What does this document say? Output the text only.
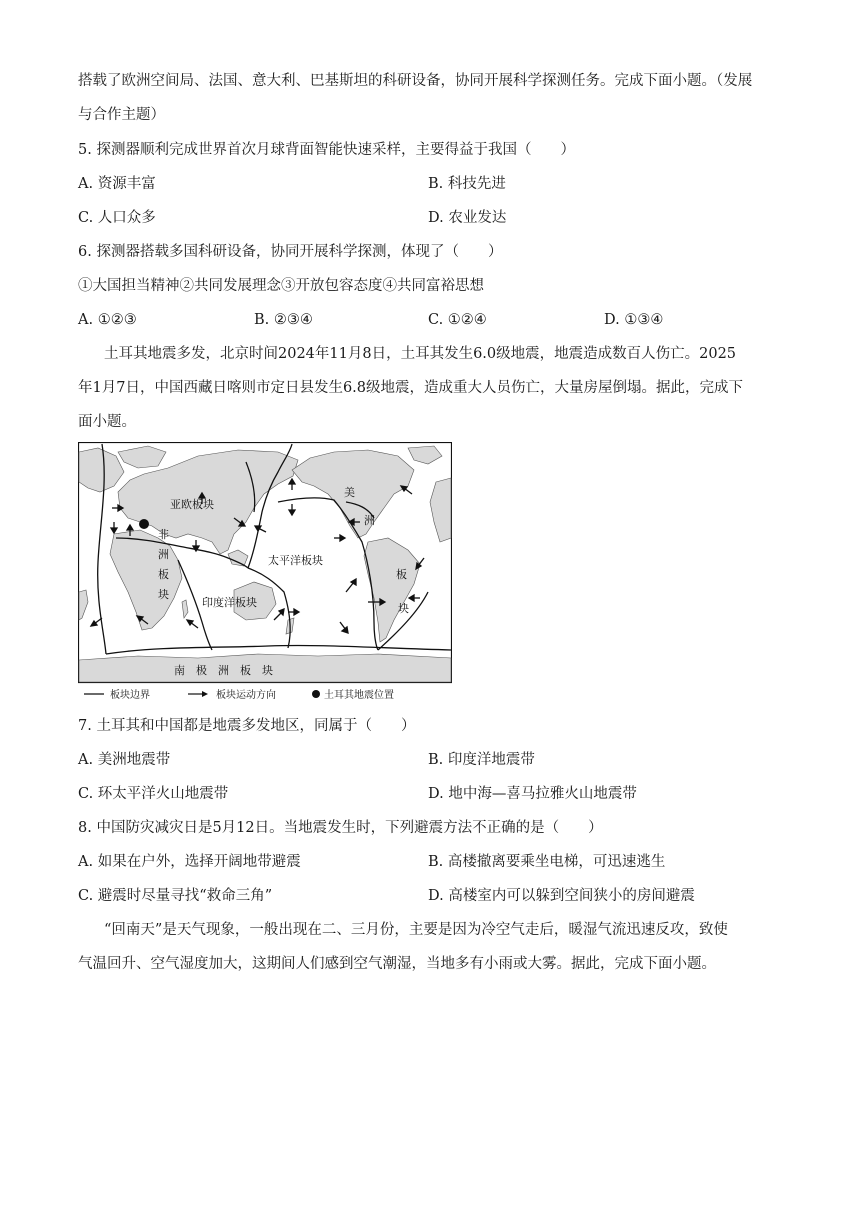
搭载了欧洲空间局、法国、意大利、巴基斯坦的科研设备，协同开展科学探测任务。完成下面小题。（发展
与合作主题）
5. 探测器顺利完成世界首次月球背面智能快速采样，主要得益于我国（　　）
A. 资源丰富	B. 科技先进
C. 人口众多	D. 农业发达
6. 探测器搭载多国科研设备，协同开展科学探测，体现了（　　）
①大国担当精神②共同发展理念③开放包容态度④共同富裕思想
A. ①②③	B. ②③④	C. ①②④	D. ①③④
土耳其地震多发，北京时间2024年11月8日，土耳其发生6.0级地震，地震造成数百人伤亡。2025
年1月7日，中国西藏日喀则市定日县发生6.8级地震，造成重大人员伤亡，大量房屋倒塌。据此，完成下
面小题。
亚欧板块
非
洲
板
块
印度洋板块
太平洋板块
美
洲
板
块
南　极　洲　板　块
板块边界	板块运动方向	土耳其地震位置
7. 土耳其和中国都是地震多发地区，同属于（　　）
A. 美洲地震带	B. 印度洋地震带
C. 环太平洋火山地震带	D. 地中海—喜马拉雅火山地震带
8. 中国防灾减灾日是5月12日。当地震发生时，下列避震方法不正确的是（　　）
A. 如果在户外，选择开阔地带避震	B. 高楼撤离要乘坐电梯，可迅速逃生
C. 避震时尽量寻找“救命三角”	D. 高楼室内可以躲到空间狭小的房间避震
“回南天”是天气现象，一般出现在二、三月份，主要是因为冷空气走后，暖湿气流迅速反攻，致使
气温回升、空气湿度加大，这期间人们感到空气潮湿，当地多有小雨或大雾。据此，完成下面小题。
